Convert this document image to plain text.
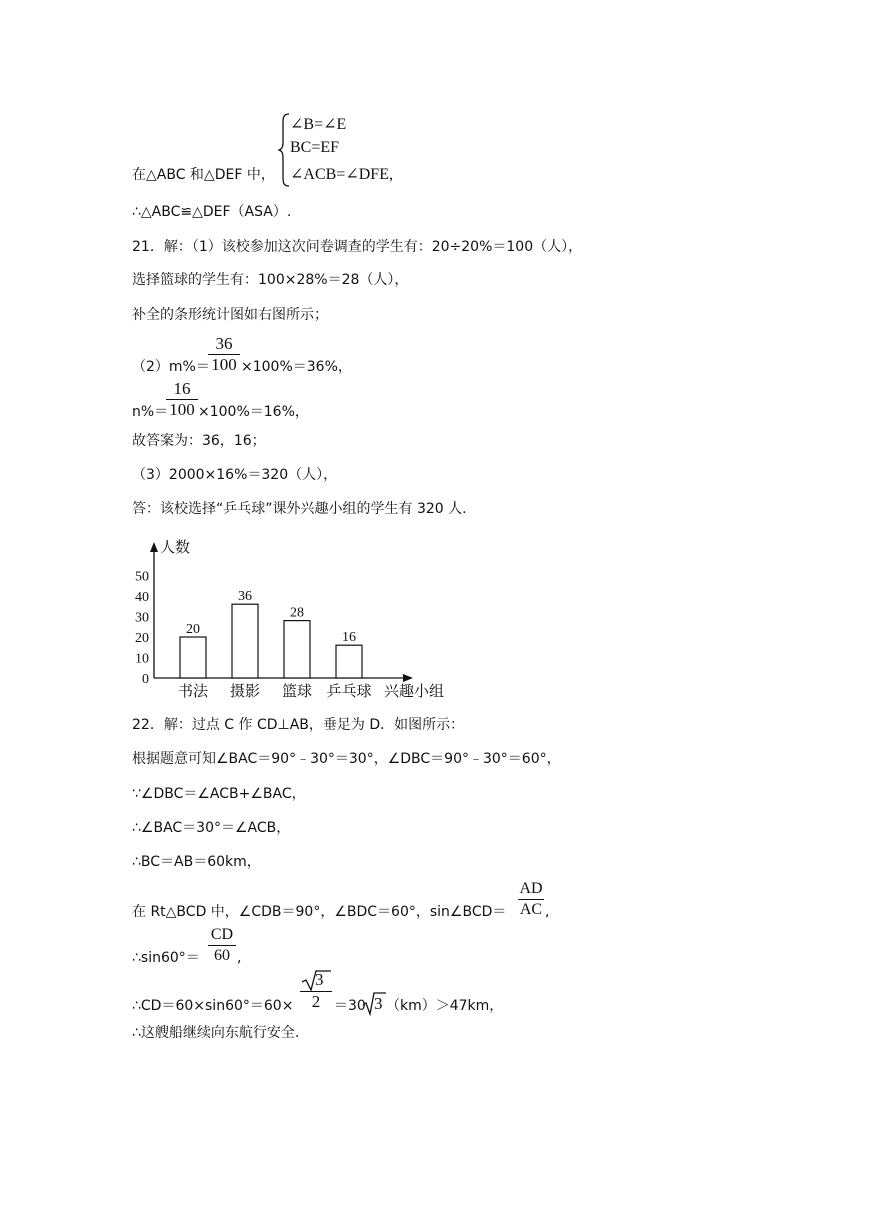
∠B=∠E
BC=EF
∠ACB=∠DFE,
在△ABC 和△DEF 中，
∴△ABC≌△DEF（ASA）.
21．解：（1）该校参加这次问卷调查的学生有：20÷20%＝100（人），
选择篮球的学生有：100×28%＝28（人），
补全的条形统计图如右图所示；
（2）m%＝
36
100 ×100%＝36%，
n%＝
16
100 ×100%＝16%，
故答案为：36，16；
（3）2000×16%＝320（人），
答：该校选择“乒乓球”课外兴趣小组的学生有 320 人.
人数
0
10
20
30
40
50
20
书法
36
摄影
28
篮球
16
乒乓球 兴趣小组
22．解：过点 C 作 CD⊥AB，垂足为 D．如图所示：
根据题意可知∠BAC＝90°﹣30°＝30°，∠DBC＝90°﹣30°＝60°，
∵∠DBC＝∠ACB+∠BAC，
∴∠BAC＝30°＝∠ACB，
∴BC＝AB＝60km，
在 Rt△BCD 中，∠CDB＝90°，∠BDC＝60°，sin∠BCD＝
AD
AC ,
∴sin60°＝
CD
60 ,
∴CD＝60×sin60°＝60×
3
2 ＝30 3 （km）＞47km，
∴这艘船继续向东航行安全.
